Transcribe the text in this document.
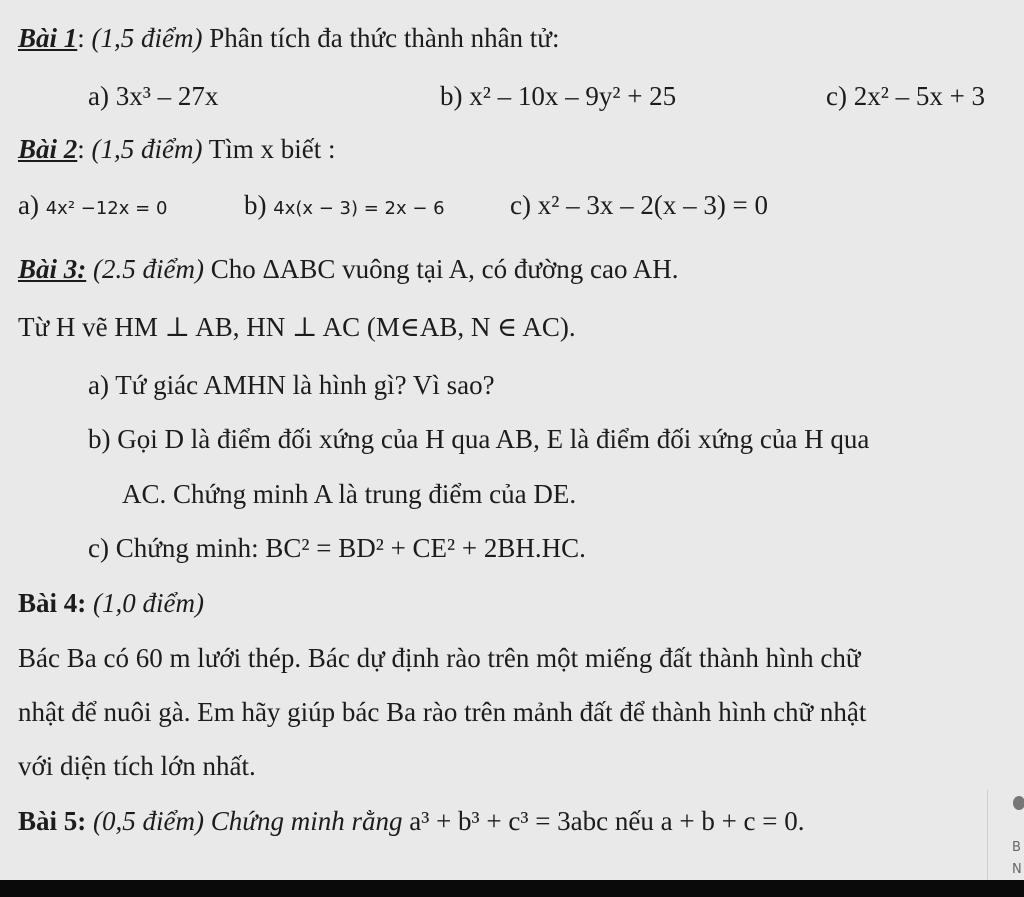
Bài 1: (1,5 điểm) Phân tích đa thức thành nhân tử:
a) 3x³ – 27x	b) x² – 10x – 9y² + 25	c) 2x² – 5x + 3
Bài 2: (1,5 điểm) Tìm x biết :
a) 4x² −12x = 0	b) 4x(x − 3) = 2x − 6 c) x² – 3x – 2(x – 3) = 0
Bài 3: (2.5 điểm) Cho ΔABC vuông tại A, có đường cao AH.
Từ H vẽ HM ⊥ AB, HN ⊥ AC (M∈AB, N ∈ AC).
a) Tứ giác AMHN là hình gì? Vì sao?
b) Gọi D là điểm đối xứng của H qua AB, E là điểm đối xứng của H qua
AC. Chứng minh A là trung điểm của DE.
c) Chứng minh: BC² = BD² + CE² + 2BH.HC.
Bài 4: (1,0 điểm)
Bác Ba có 60 m lưới thép. Bác dự định rào trên một miếng đất thành hình chữ
nhật để nuôi gà. Em hãy giúp bác Ba rào trên mảnh đất để thành hình chữ nhật
với diện tích lớn nhất.
Bài 5: (0,5 điểm) Chứng minh rằng a³ + b³ + c³ = 3abc nếu a + b + c = 0.
B
N
